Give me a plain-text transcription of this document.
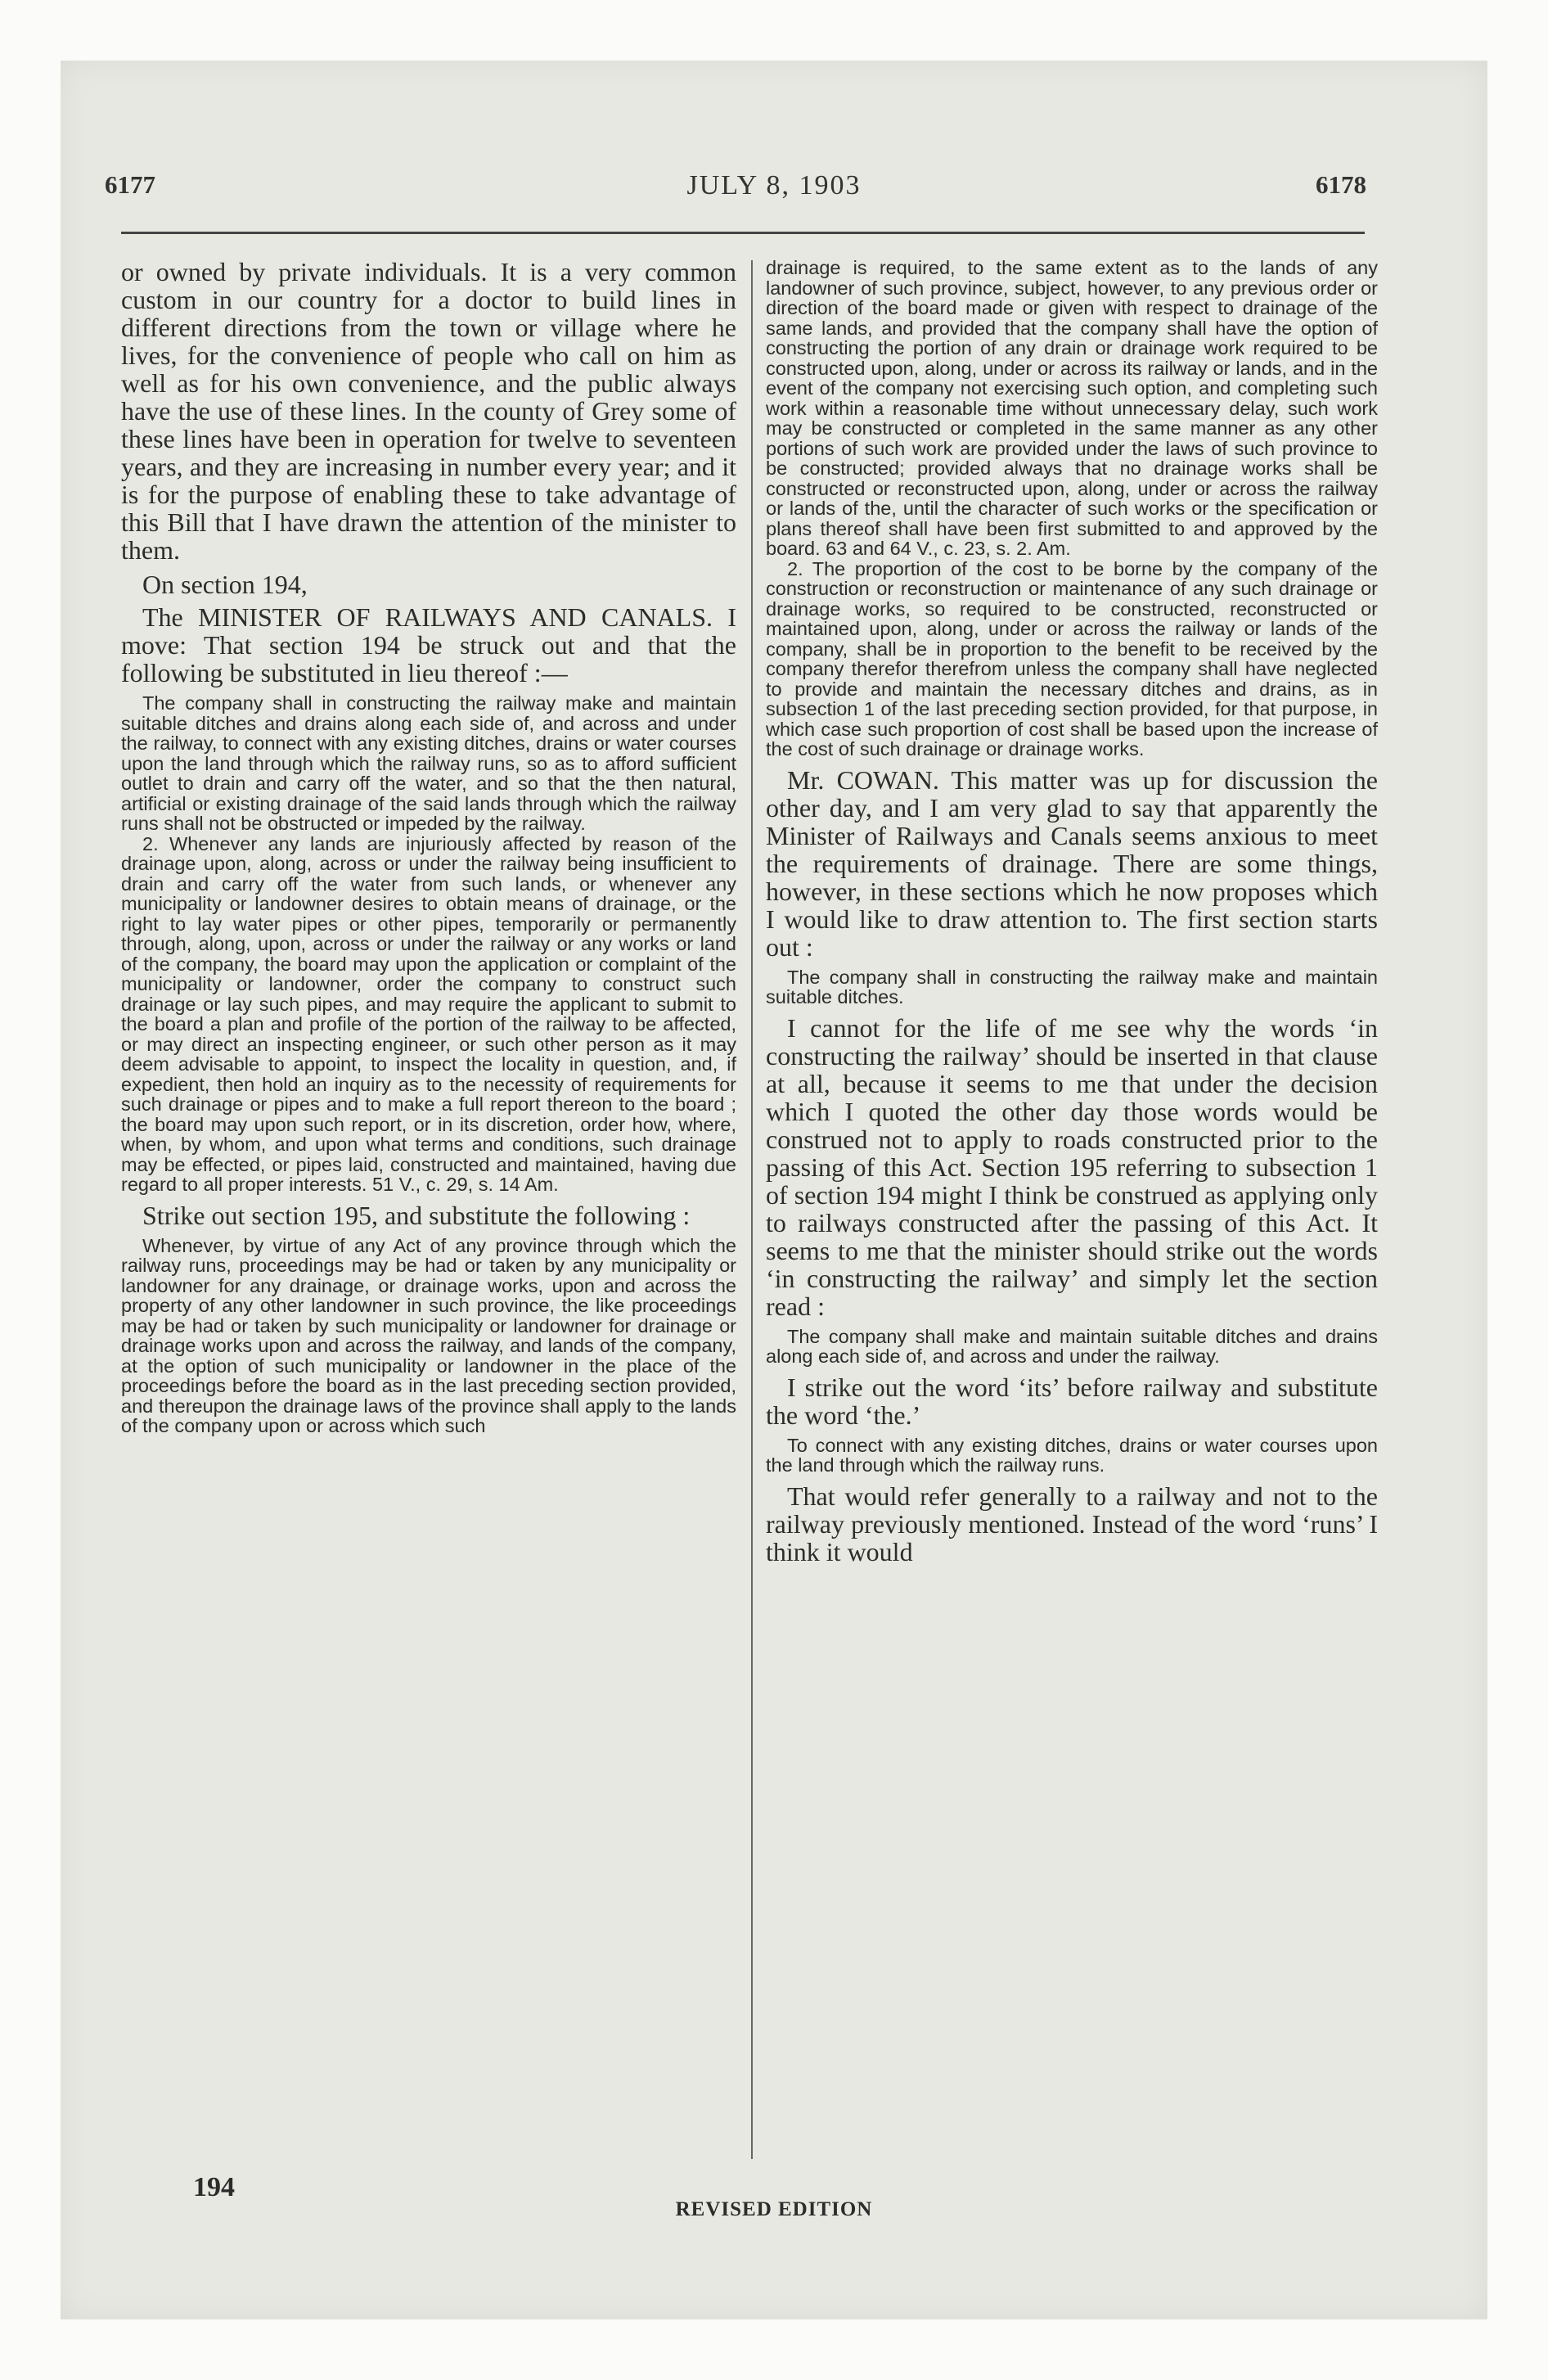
6177	JULY 8, 1903	6178

or owned by private individuals. It is a very common custom in our country for a doctor to build lines in different directions from the town or village where he lives, for the convenience of people who call on him as well as for his own convenience, and the public always have the use of these lines. In the county of Grey some of these lines have been in operation for twelve to seventeen years, and they are increasing in number every year; and it is for the purpose of enabling these to take advantage of this Bill that I have drawn the attention of the minister to them.

On section 194,

The MINISTER OF RAILWAYS AND CANALS. I move: That section 194 be struck out and that the following be substituted in lieu thereof :—

The company shall in constructing the railway make and maintain suitable ditches and drains along each side of, and across and under the railway, to connect with any existing ditches, drains or water courses upon the land through which the railway runs, so as to afford sufficient outlet to drain and carry off the water, and so that the then natural, artificial or existing drainage of the said lands through which the railway runs shall not be obstructed or impeded by the railway.

2. Whenever any lands are injuriously affected by reason of the drainage upon, along, across or under the railway being insufficient to drain and carry off the water from such lands, or whenever any municipality or landowner desires to obtain means of drainage, or the right to lay water pipes or other pipes, temporarily or permanently through, along, upon, across or under the railway or any works or land of the company, the board may upon the application or complaint of the municipality or landowner, order the company to construct such drainage or lay such pipes, and may require the applicant to submit to the board a plan and profile of the portion of the railway to be affected, or may direct an inspecting engineer, or such other person as it may deem advisable to appoint, to inspect the locality in question, and, if expedient, then hold an inquiry as to the necessity of requirements for such drainage or pipes and to make a full report thereon to the board ; the board may upon such report, or in its discretion, order how, where, when, by whom, and upon what terms and conditions, such drainage may be effected, or pipes laid, constructed and maintained, having due regard to all proper interests. 51 V., c. 29, s. 14 Am.

Strike out section 195, and substitute the following :

Whenever, by virtue of any Act of any province through which the railway runs, proceedings may be had or taken by any municipality or landowner for any drainage, or drainage works, upon and across the property of any other landowner in such province, the like proceedings may be had or taken by such municipality or landowner for drainage or drainage works upon and across the railway, and lands of the company, at the option of such municipality or landowner in the place of the proceedings before the board as in the last preceding section provided, and thereupon the drainage laws of the province shall apply to the lands of the company upon or across which such

drainage is required, to the same extent as to the lands of any landowner of such province, subject, however, to any previous order or direction of the board made or given with respect to drainage of the same lands, and provided that the company shall have the option of constructing the portion of any drain or drainage work required to be constructed upon, along, under or across its railway or lands, and in the event of the company not exercising such option, and completing such work within a reasonable time without unnecessary delay, such work may be constructed or completed in the same manner as any other portions of such work are provided under the laws of such province to be constructed; provided always that no drainage works shall be constructed or reconstructed upon, along, under or across the railway or lands of the, until the character of such works or the specification or plans thereof shall have been first submitted to and approved by the board. 63 and 64 V., c. 23, s. 2. Am.

2. The proportion of the cost to be borne by the company of the construction or reconstruction or maintenance of any such drainage or drainage works, so required to be constructed, reconstructed or maintained upon, along, under or across the railway or lands of the company, shall be in proportion to the benefit to be received by the company therefor therefrom unless the company shall have neglected to provide and maintain the necessary ditches and drains, as in subsection 1 of the last preceding section provided, for that purpose, in which case such proportion of cost shall be based upon the increase of the cost of such drainage or drainage works.

Mr. COWAN. This matter was up for discussion the other day, and I am very glad to say that apparently the Minister of Railways and Canals seems anxious to meet the requirements of drainage. There are some things, however, in these sections which he now proposes which I would like to draw attention to. The first section starts out :

The company shall in constructing the railway make and maintain suitable ditches.

I cannot for the life of me see why the words ‘in constructing the railway’ should be inserted in that clause at all, because it seems to me that under the decision which I quoted the other day those words would be construed not to apply to roads constructed prior to the passing of this Act. Section 195 referring to subsection 1 of section 194 might I think be construed as applying only to railways constructed after the passing of this Act. It seems to me that the minister should strike out the words ‘in constructing the railway’ and simply let the section read :

The company shall make and maintain suitable ditches and drains along each side of, and across and under the railway.

I strike out the word ‘its’ before railway and substitute the word ‘the.’

To connect with any existing ditches, drains or water courses upon the land through which the railway runs.

That would refer generally to a railway and not to the railway previously mentioned. Instead of the word ‘runs’ I think it would

194
REVISED EDITION
